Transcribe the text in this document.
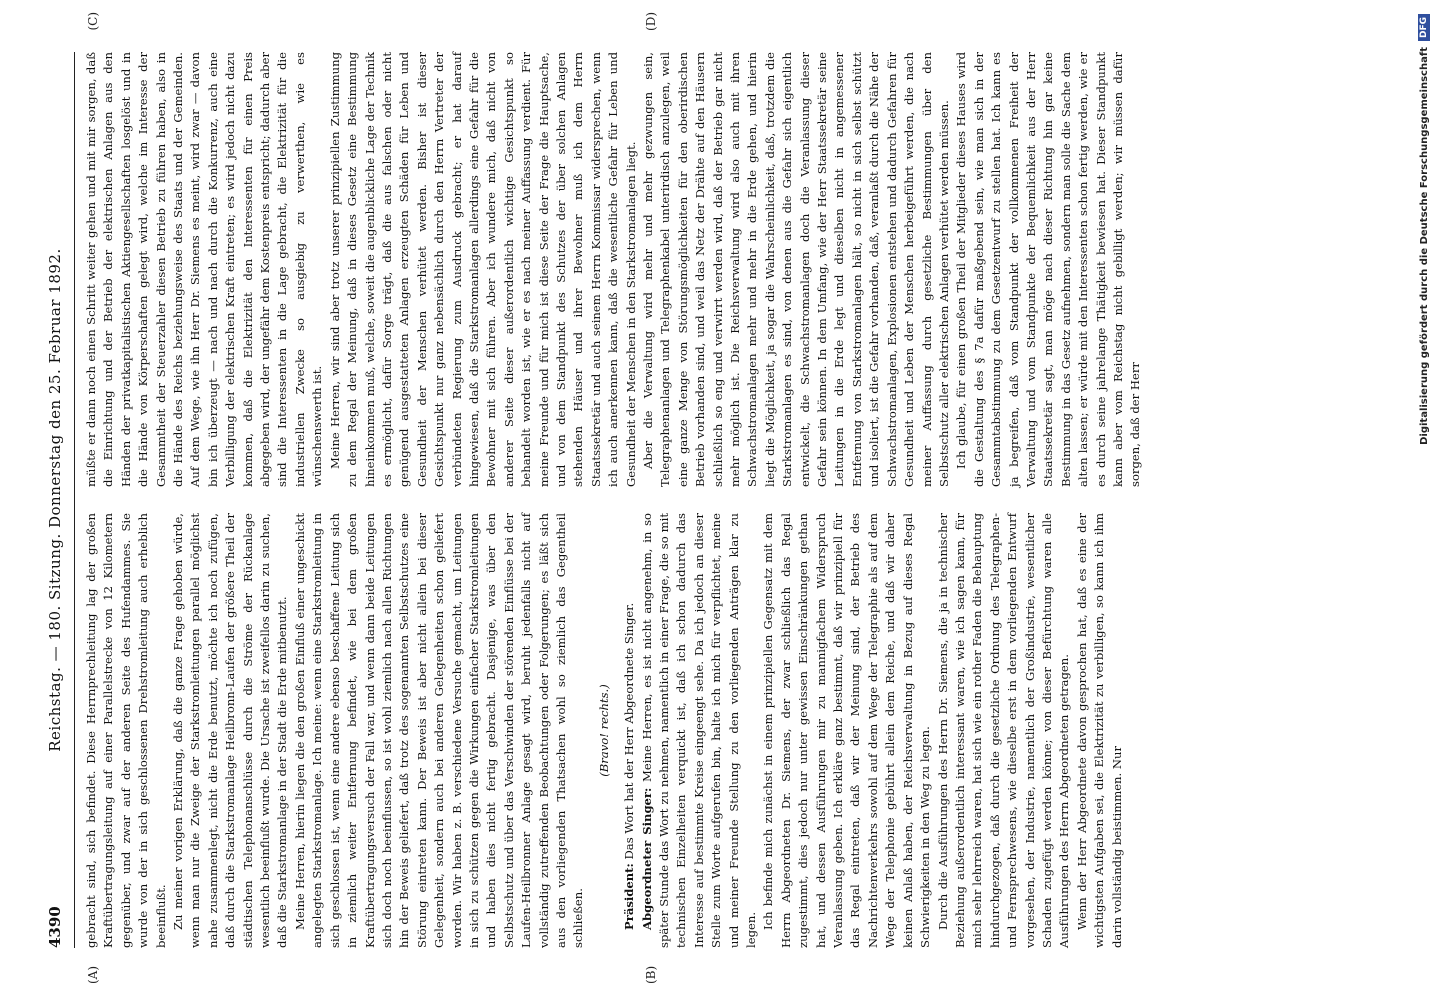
4390
Reichstag. — 180. Sitzung. Donnerstag den 25. Februar 1892.
(A)	(B)

gebracht sind, sich befindet. Diese Herrnprechleitung lag der großen Kraftübertragungsleitung auf einer Parallelstrecke von 12 Kilometern gegenüber, und zwar auf der anderen Seite des Hufendammes. Sie wurde von der in sich geschlossenen Drehstromleitung auch erheblich beeinflußt. Zu meiner vorigen Erklärung, daß die ganze Frage gehoben würde, wenn man nur die Zweige der Starkstromleitungen parallel möglichst nahe zusammenlegt, nicht die Erde benutzt, möchte ich noch zufügen, daß durch die Starkstromanlage Heilbronn-Laufen der größere Theil der städtischen Telephonanschlüsse durch die Ströme der Rückanlage wesentlich beeinflußt wurde. Die Ursache ist zweifellos darin zu suchen, daß die Starkstromanlage in der Stadt die Erde mitbenutzt. Meine Herren, hierin liegen die den großen Einfluß einer ungeschickt angelegten Starkstromanlage. Ich meine: wenn eine Starkstromleitung in sich geschlossen ist, wenn eine andere ebenso beschaffene Leitung sich in ziemlich weiter Entfernung befindet, wie bei dem großen Kraftübertragungsversuch der Fall war, und wenn dann beide Leitungen sich doch noch beeinflussen, so ist wohl ziemlich nach allen Richtungen hin der Beweis geliefert, daß trotz des sogenannten Selbstschutzes eine Störung eintreten kann. Der Beweis ist aber nicht allein bei dieser Gelegenheit, sondern auch bei anderen Gelegenheiten schon geliefert worden. Wir haben z. B. verschiedene Versuche gemacht, um Leitungen in sich zu schützen gegen die Wirkungen einfacher Starkstromleitungen und haben dies nicht fertig gebracht. Dasjenige, was über den Selbstschutz und über das Verschwinden der störenden Einflüsse bei der Laufen-Heilbronner Anlage gesagt wird, beruht jedenfalls nicht auf vollständig zutreffenden Beobachtungen oder Folgerungen; es läßt sich aus den vorliegenden Thatsachen wohl so ziemlich das Gegentheil schließen.

(Bravo! rechts.)

Präsident: Das Wort hat der Herr Abgeordnete Singer. Abgeordneter Singer: Meine Herren, es ist nicht angenehm, in so später Stunde das Wort zu nehmen, namentlich in einer Frage, die so mit technischen Einzelheiten verquickt ist, daß ich schon dadurch das Interesse auf bestimmte Kreise eingeengt sehe. Da ich jedoch an dieser Stelle zum Worte aufgerufen bin, halte ich mich für verpflichtet, meine und meiner Freunde Stellung zu den vorliegenden Anträgen klar zu legen. Ich befinde mich zunächst in einem prinzipiellen Gegensatz mit dem Herrn Abgeordneten Dr. Siemens, der zwar schließlich das Regal zugestimmt, dies jedoch nur unter gewissen Einschränkungen gethan hat, und dessen Ausführungen mir zu mannigfachem Widerspruch Veranlassung geben. Ich erkläre ganz bestimmt, daß wir prinzipiell für das Regal eintreten, daß wir der Meinung sind, der Betrieb des Nachrichtenverkehrs sowohl auf dem Wege der Telegraphie als auf dem Wege der Telephonie gebührt allein dem Reiche, und daß wir daher keinen Anlaß haben, der Reichsverwaltung in Bezug auf dieses Regal Schwierigkeiten in den Weg zu legen. Durch die Ausführungen des Herrn Dr. Siemens, die ja in technischer Beziehung außerordentlich interessant waren, wie ich sagen kann, für mich sehr lehrreich waren, hat sich wie ein rother Faden die Behauptung hindurchgezogen, daß durch die gesetzliche Ordnung des Telegraphen- und Fernsprechwesens, wie dieselbe erst in dem vorliegenden Entwurf vorgesehen, der Industrie, namentlich der Großindustrie, wesentlicher Schaden zugefügt werden könne; von dieser Befürchtung waren alle Ausführungen des Herrn Abgeordneten getragen. Wenn der Herr Abgeordnete davon gesprochen hat, daß es eine der wichtigsten Aufgaben sei, die Elektrizität zu verbilligen, so kann ich ihm darin vollständig beistimmen. Nur

(C)	(D)

müßte er dann noch einen Schritt weiter gehen und mit mir sorgen, daß die Einrichtung und der Betrieb der elektrischen Anlagen aus den Händen der privatkapitalistischen Aktiengesellschaften losgelöst und in die Hände von Körperschaften gelegt wird, welche im Interesse der Gesammtheit der Steuerzahler diesen Betrieb zu führen haben, also in die Hände des Reichs beziehungsweise des Staats und der Gemeinden. Auf dem Wege, wie ihn Herr Dr. Siemens es meint, wird zwar — davon bin ich überzeugt — nach und nach durch die Konkurrenz, auch eine Verbilligung der elektrischen Kraft eintreten; es wird jedoch nicht dazu kommen, daß die Elektrizität den Interessenten für einen Preis abgegeben wird, der ungefähr dem Kostenpreis entspricht; dadurch aber sind die Interessenten in die Lage gebracht, die Elektrizität für die industriellen Zwecke so ausgiebig zu verwerthen, wie es wünschenswerth ist. Meine Herren, wir sind aber trotz unserer prinzipiellen Zustimmung zu dem Regal der Meinung, daß in dieses Gesetz eine Bestimmung hineinkommen muß, welche, soweit die augenblickliche Lage der Technik es ermöglicht, dafür Sorge trägt, daß die aus falschen oder nicht genügend ausgestatteten Anlagen erzeugten Schäden für Leben und Gesundheit der Menschen verhütet werden. Bisher ist dieser Gesichtspunkt nur ganz nebensächlich durch den Herrn Vertreter der verbündeten Regierung zum Ausdruck gebracht; er hat darauf hingewiesen, daß die Starkstromanlagen allerdings eine Gefahr für die Bewohner mit sich führen. Aber ich wundere mich, daß nicht von anderer Seite dieser außerordentlich wichtige Gesichtspunkt so behandelt worden ist, wie er es nach meiner Auffassung verdient. Für meine Freunde und für mich ist diese Seite der Frage die Hauptsache, und von dem Standpunkt des Schutzes der über solchen Anlagen stehenden Häuser und ihrer Bewohner muß ich dem Herrn Staatssekretär und auch seinem Herrn Kommissar widersprechen, wenn ich auch anerkennen kann, daß die wesentliche Gefahr für Leben und Gesundheit der Menschen in den Starkstromanlagen liegt. Aber die Verwaltung wird mehr und mehr gezwungen sein, Telegraphenanlagen und Telegraphenkabel unterirdisch anzulegen, weil eine ganze Menge von Störungsmöglichkeiten für den oberirdischen Betrieb vorhanden sind, und weil das Netz der Drähte auf den Häusern schließlich so eng und verwirrt werden wird, daß der Betrieb gar nicht mehr möglich ist. Die Reichsverwaltung wird also auch mit ihren Schwachstromanlagen mehr und mehr in die Erde gehen, und hierin liegt die Möglichkeit, ja sogar die Wahrscheinlichkeit, daß, trotzdem die Starkstromanlagen es sind, von denen aus die Gefahr sich eigentlich entwickelt, die Schwachstromanlagen doch die Veranlassung dieser Gefahr sein können. In dem Umfang, wie der Herr Staatssekretär seine Leitungen in die Erde legt und dieselben nicht in angemessener Entfernung von Starkstromanlagen hält, so nicht in sich selbst schützt und isoliert, ist die Gefahr vorhanden, daß, veranlaßt durch die Nähe der Schwachstromanlagen, Explosionen entstehen und dadurch Gefahren für Gesundheit und Leben der Menschen herbeigeführt werden, die nach meiner Auffassung durch gesetzliche Bestimmungen über den Selbstschutz aller elektrischen Anlagen verhütet werden müssen. Ich glaube, für einen großen Theil der Mitglieder dieses Hauses wird die Gestaltung des § 7a dafür maßgebend sein, wie man sich in der Gesammtabstimmung zu dem Gesetzentwurf zu stellen hat. Ich kann es ja begreifen, daß vom Standpunkt der vollkommenen Freiheit der Verwaltung und vom Standpunkte der Bequemlichkeit aus der Herr Staatssekretär sagt, man möge nach dieser Richtung hin gar keine Bestimmung in das Gesetz aufnehmen, sondern man solle die Sache dem alten lassen; er würde mit den Interessenten schon fertig werden, wie er es durch seine jahrelange Thätigkeit bewiesen hat. Dieser Standpunkt kann aber vom Reichstag nicht gebilligt werden; wir müssen dafür sorgen, daß der Herr	Digitalisierung gefördert durch die Deutsche Forschungsgemeinschaft
DFG
